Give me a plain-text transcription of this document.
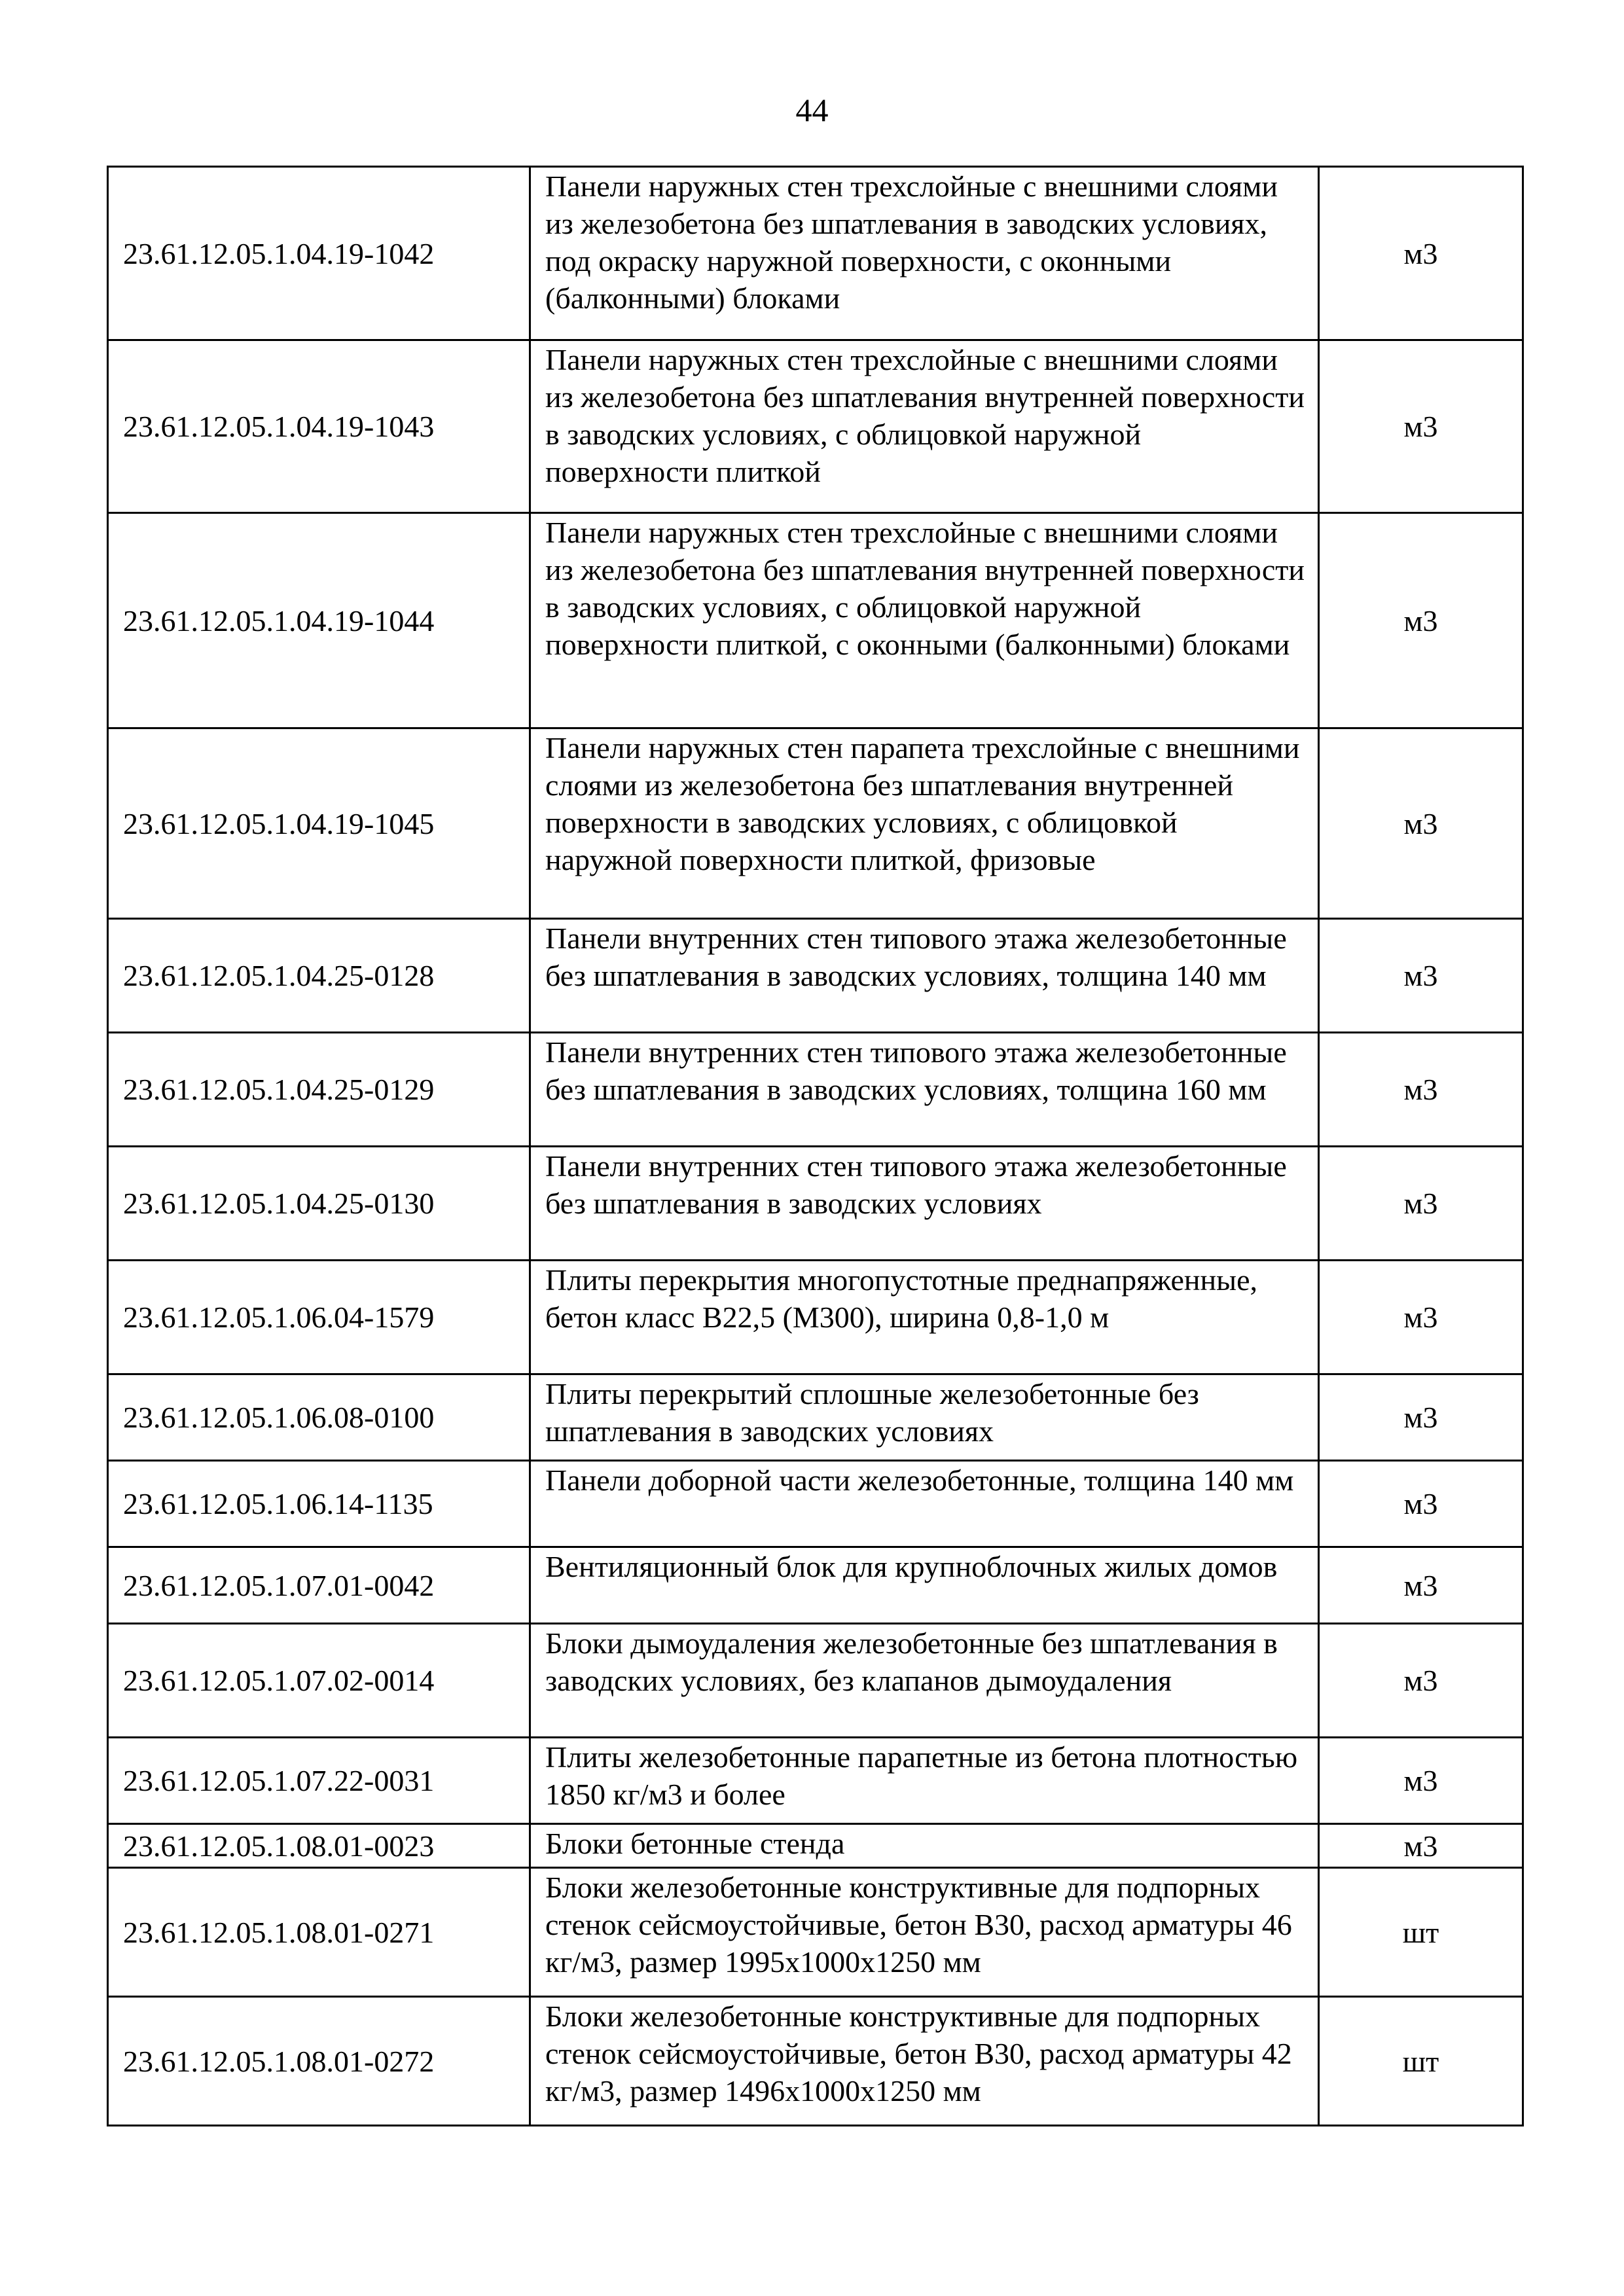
44
23.61.12.05.1.04.19-1042	Панели наружных стен трехслойные с внешними слоями из железобетона без шпатлевания в заводских условиях, под окраску наружной поверхности, с оконными (балконными) блоками	м3
23.61.12.05.1.04.19-1043	Панели наружных стен трехслойные с внешними слоями из железобетона без шпатлевания внутренней поверхности в заводских условиях, с облицовкой наружной поверхности плиткой	м3
23.61.12.05.1.04.19-1044	Панели наружных стен трехслойные с внешними слоями из железобетона без шпатлевания внутренней поверхности в заводских условиях, с облицовкой наружной поверхности плиткой, с оконными (балконными) блоками	м3
23.61.12.05.1.04.19-1045	Панели наружных стен парапета трехслойные с внешними слоями из железобетона без шпатлевания внутренней поверхности в заводских условиях, с облицовкой наружной поверхности плиткой, фризовые	м3
23.61.12.05.1.04.25-0128	Панели внутренних стен типового этажа железобетонные без шпатлевания в заводских условиях, толщина 140 мм	м3
23.61.12.05.1.04.25-0129	Панели внутренних стен типового этажа железобетонные без шпатлевания в заводских условиях, толщина 160 мм	м3
23.61.12.05.1.04.25-0130	Панели внутренних стен типового этажа железобетонные без шпатлевания в заводских условиях	м3
23.61.12.05.1.06.04-1579	Плиты перекрытия многопустотные преднапряженные, бетон класс В22,5 (М300), ширина 0,8-1,0 м	м3
23.61.12.05.1.06.08-0100	Плиты перекрытий сплошные железобетонные без шпатлевания в заводских условиях	м3
23.61.12.05.1.06.14-1135	Панели доборной части железобетонные, толщина 140 мм	м3
23.61.12.05.1.07.01-0042	Вентиляционный блок для крупноблочных жилых домов	м3
23.61.12.05.1.07.02-0014	Блоки дымоудаления железобетонные без шпатлевания в заводских условиях, без клапанов дымоудаления	м3
23.61.12.05.1.07.22-0031	Плиты железобетонные парапетные из бетона плотностью 1850 кг/м3 и более	м3
23.61.12.05.1.08.01-0023	Блоки бетонные стенда	м3
23.61.12.05.1.08.01-0271	Блоки железобетонные конструктивные для подпорных стенок сейсмоустойчивые, бетон В30, расход арматуры 46 кг/м3, размер 1995х1000х1250 мм	шт
23.61.12.05.1.08.01-0272	Блоки железобетонные конструктивные для подпорных стенок сейсмоустойчивые, бетон В30, расход арматуры 42 кг/м3, размер 1496х1000х1250 мм	шт
